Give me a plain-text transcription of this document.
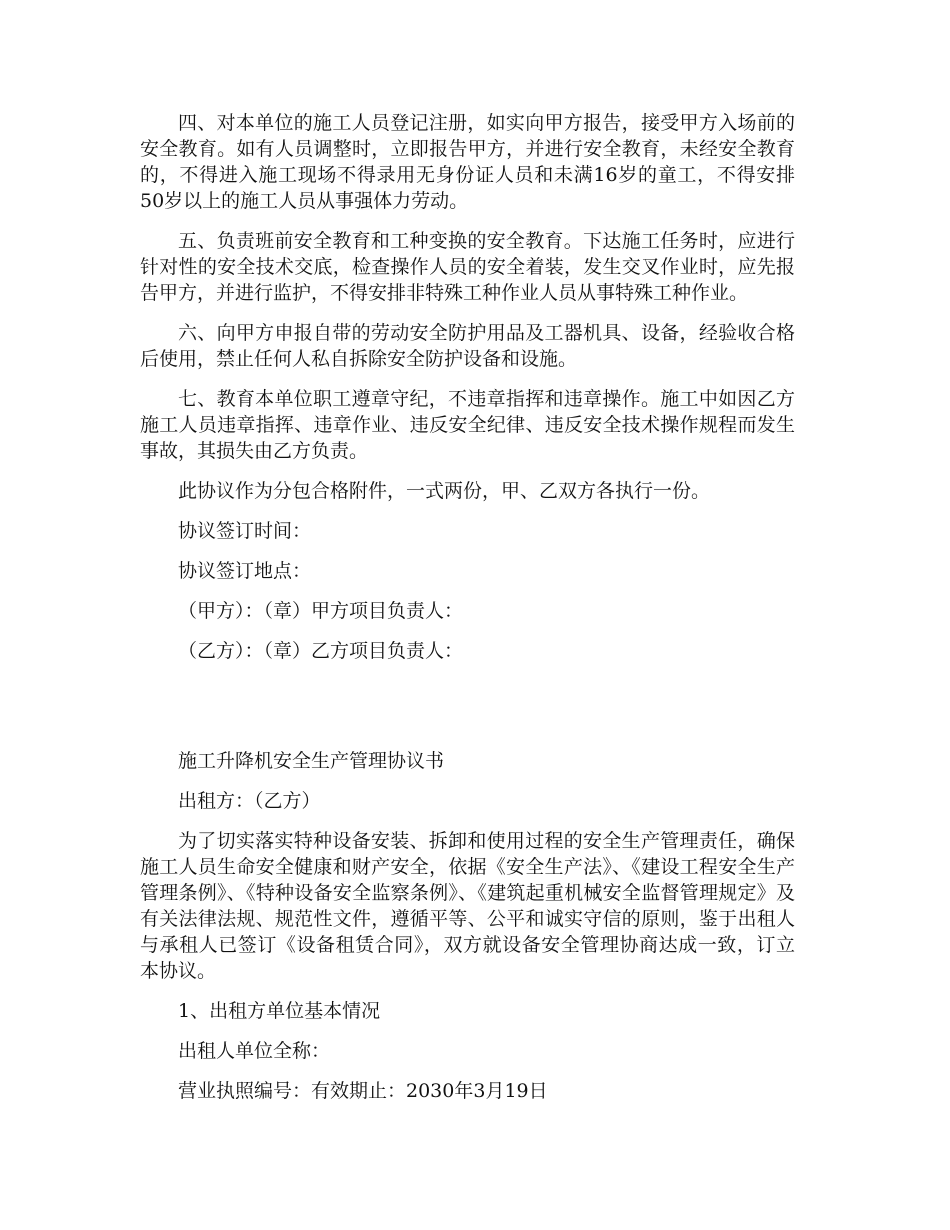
四、对本单位的施工人员登记注册，如实向甲方报告，接受甲方入场前的安全教育。如有人员调整时，立即报告甲方，并进行安全教育，未经安全教育的，不得进入施工现场不得录用无身份证人员和未满16岁的童工，不得安排50岁以上的施工人员从事强体力劳动。

五、负责班前安全教育和工种变换的安全教育。下达施工任务时，应进行针对性的安全技术交底，检查操作人员的安全着装，发生交叉作业时，应先报告甲方，并进行监护，不得安排非特殊工种作业人员从事特殊工种作业。

六、向甲方申报自带的劳动安全防护用品及工器机具、设备，经验收合格后使用，禁止任何人私自拆除安全防护设备和设施。

七、教育本单位职工遵章守纪，不违章指挥和违章操作。施工中如因乙方施工人员违章指挥、违章作业、违反安全纪律、违反安全技术操作规程而发生事故，其损失由乙方负责。

此协议作为分包合格附件，一式两份，甲、乙双方各执行一份。

协议签订时间：

协议签订地点：

（甲方）：（章）甲方项目负责人：

（乙方）：（章）乙方项目负责人：

施工升降机安全生产管理协议书

出租方：（乙方）

为了切实落实特种设备安装、拆卸和使用过程的安全生产管理责任，确保施工人员生命安全健康和财产安全，依据《安全生产法》、《建设工程安全生产管理条例》、《特种设备安全监察条例》、《建筑起重机械安全监督管理规定》及有关法律法规、规范性文件，遵循平等、公平和诚实守信的原则，鉴于出租人与承租人已签订《设备租赁合同》，双方就设备安全管理协商达成一致，订立本协议。

1、出租方单位基本情况

出租人单位全称：

营业执照编号：有效期止：2030年3月19日
